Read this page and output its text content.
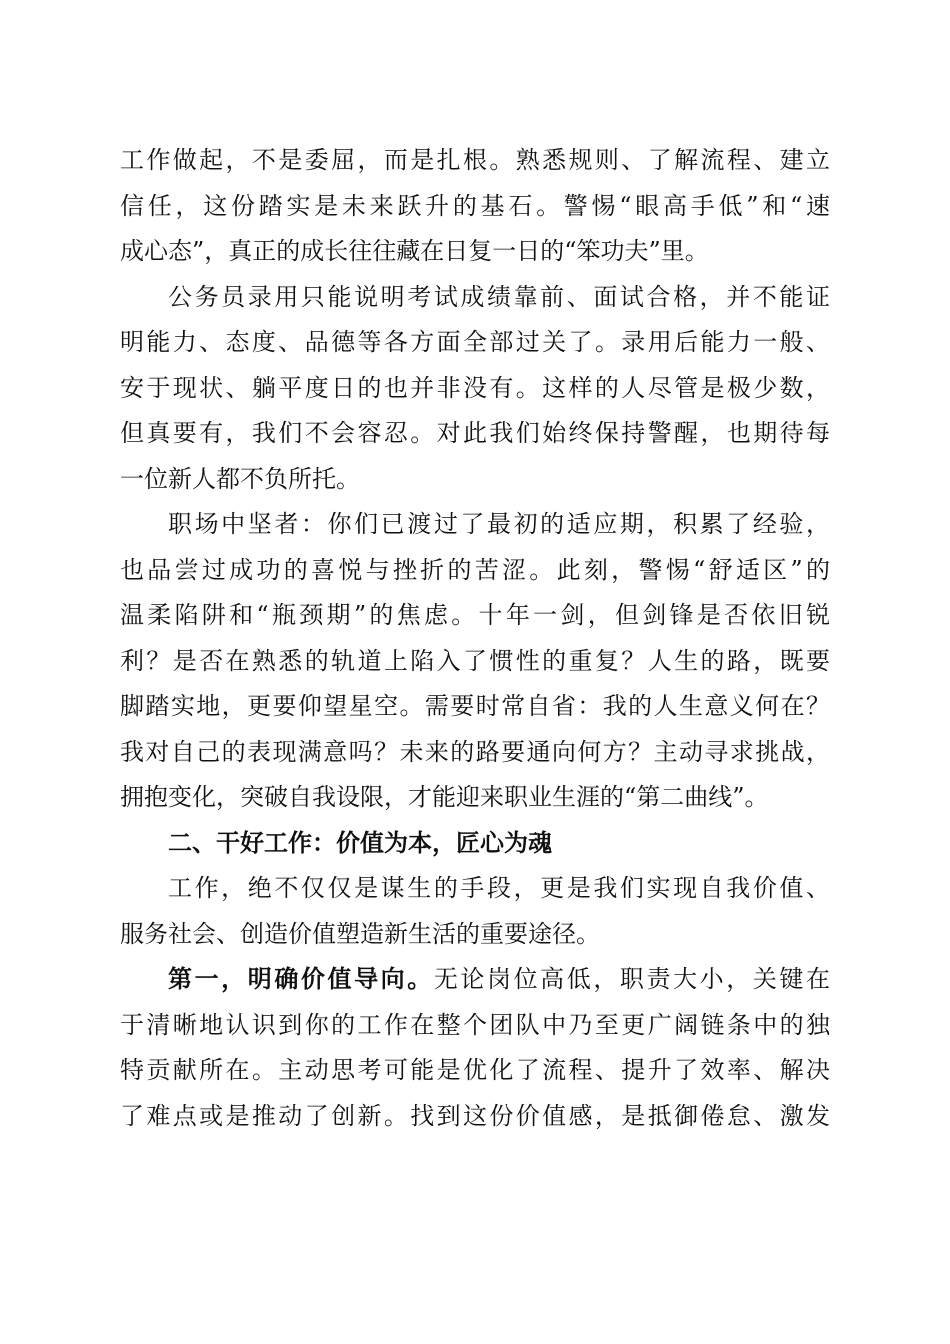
工作做起，不是委屈，而是扎根。熟悉规则、了解流程、建立
信任，这份踏实是未来跃升的基石。警惕“眼高手低”和“速
成心态”，真正的成长往往藏在日复一日的“笨功夫”里。
公务员录用只能说明考试成绩靠前、面试合格，并不能证
明能力、态度、品德等各方面全部过关了。录用后能力一般、
安于现状、躺平度日的也并非没有。这样的人尽管是极少数，
但真要有，我们不会容忍。对此我们始终保持警醒，也期待每
一位新人都不负所托。
职场中坚者：你们已渡过了最初的适应期，积累了经验，
也品尝过成功的喜悦与挫折的苦涩。此刻，警惕“舒适区”的
温柔陷阱和“瓶颈期”的焦虑。十年一剑，但剑锋是否依旧锐
利？是否在熟悉的轨道上陷入了惯性的重复？人生的路，既要
脚踏实地，更要仰望星空。需要时常自省：我的人生意义何在？
我对自己的表现满意吗？未来的路要通向何方？主动寻求挑战，
拥抱变化，突破自我设限，才能迎来职业生涯的“第二曲线”。
二、干好工作：价值为本，匠心为魂
工作，绝不仅仅是谋生的手段，更是我们实现自我价值、
服务社会、创造价值塑造新生活的重要途径。
第一，明确价值导向。无论岗位高低，职责大小，关键在
于清晰地认识到你的工作在整个团队中乃至更广阔链条中的独
特贡献所在。主动思考可能是优化了流程、提升了效率、解决
了难点或是推动了创新。找到这份价值感，是抵御倦怠、激发
